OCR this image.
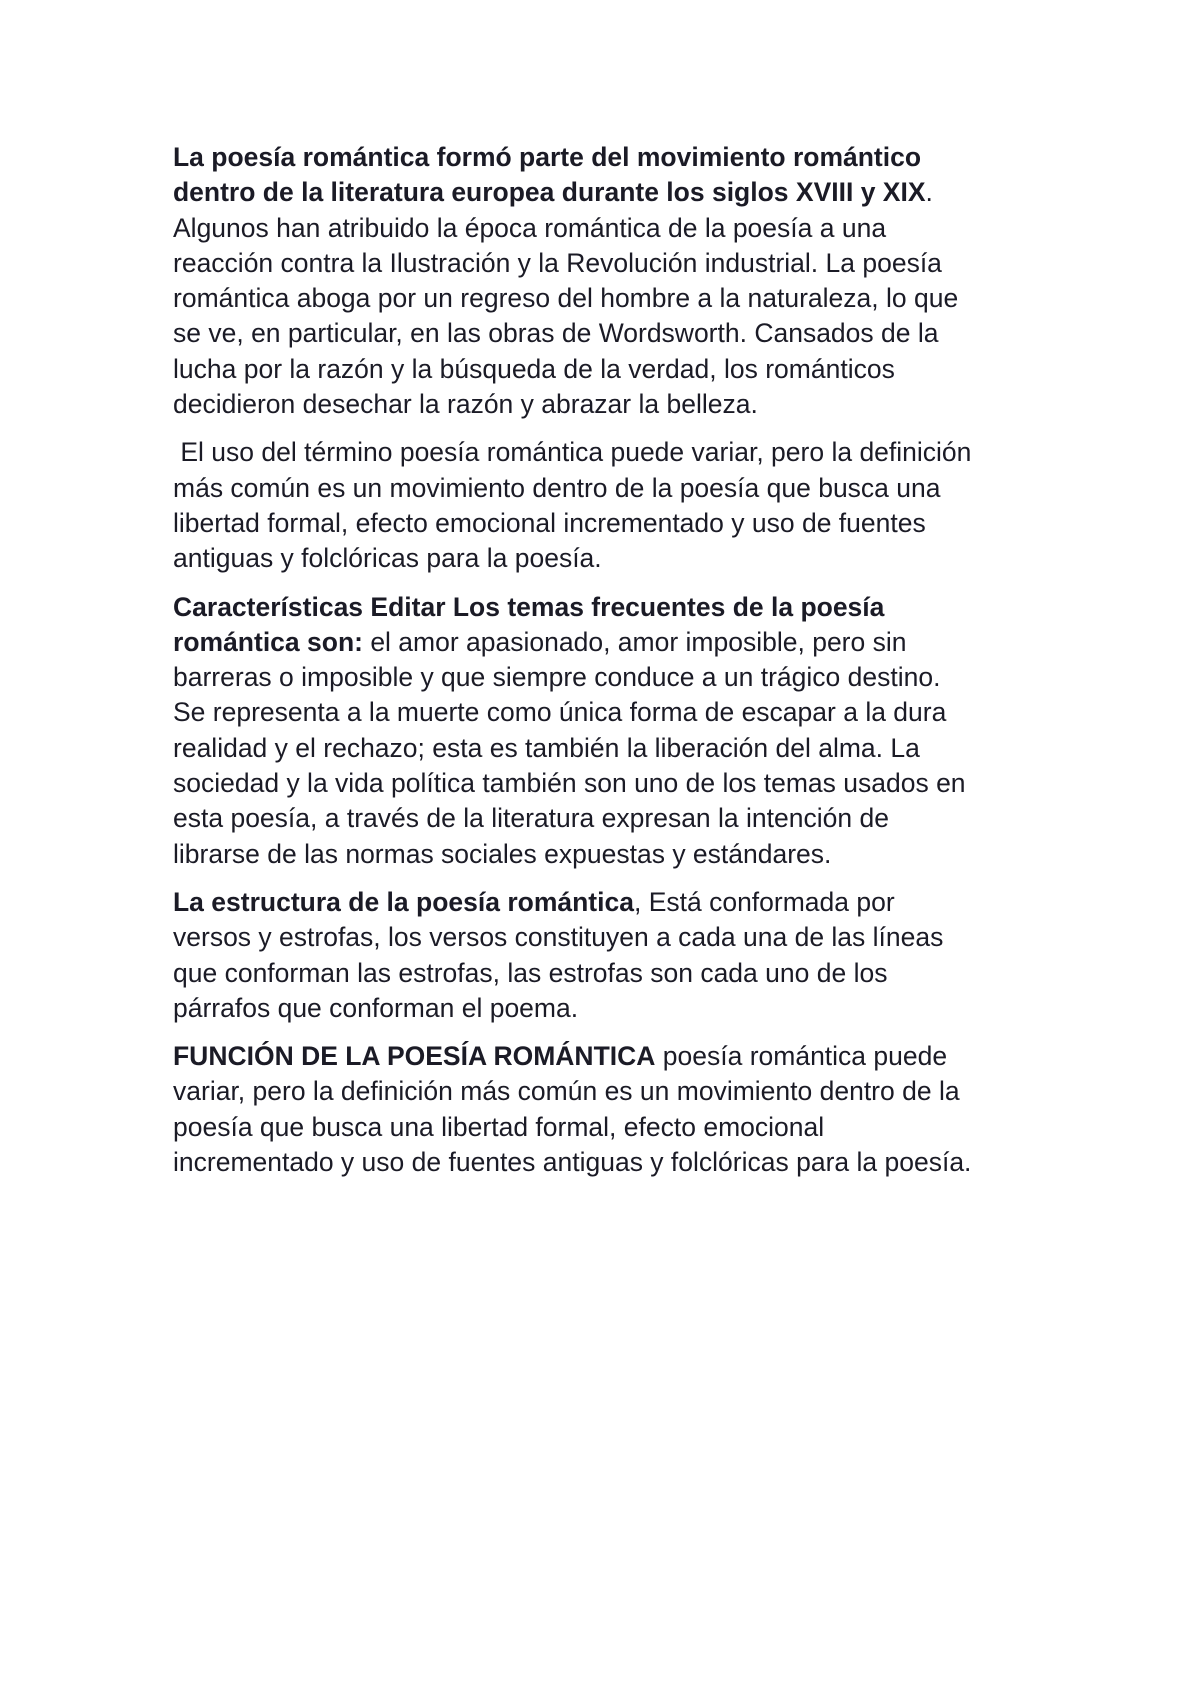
La poesía romántica formó parte del movimiento romántico
dentro de la literatura europea durante los siglos XVIII y XIX.
Algunos han atribuido la época romántica de la poesía a una
reacción contra la Ilustración y la Revolución industrial. La poesía
romántica aboga por un regreso del hombre a la naturaleza, lo que
se ve, en particular, en las obras de Wordsworth. Cansados de la
lucha por la razón y la búsqueda de la verdad, los románticos
decidieron desechar la razón y abrazar la belleza.

El uso del término poesía romántica puede variar, pero la definición
más común es un movimiento dentro de la poesía que busca una
libertad formal, efecto emocional incrementado y uso de fuentes
antiguas y folclóricas para la poesía.

Características Editar Los temas frecuentes de la poesía
romántica son: el amor apasionado, amor imposible, pero sin
barreras o imposible y que siempre conduce a un trágico destino.
Se representa a la muerte como única forma de escapar a la dura
realidad y el rechazo; esta es también la liberación del alma. La
sociedad y la vida política también son uno de los temas usados en
esta poesía, a través de la literatura expresan la intención de
librarse de las normas sociales expuestas y estándares.

La estructura de la poesía romántica, Está conformada por
versos y estrofas, los versos constituyen a cada una de las líneas
que conforman las estrofas, las estrofas son cada uno de los
párrafos que conforman el poema.

FUNCIÓN DE LA POESÍA ROMÁNTICA poesía romántica puede
variar, pero la definición más común es un movimiento dentro de la
poesía que busca una libertad formal, efecto emocional
incrementado y uso de fuentes antiguas y folclóricas para la poesía.
